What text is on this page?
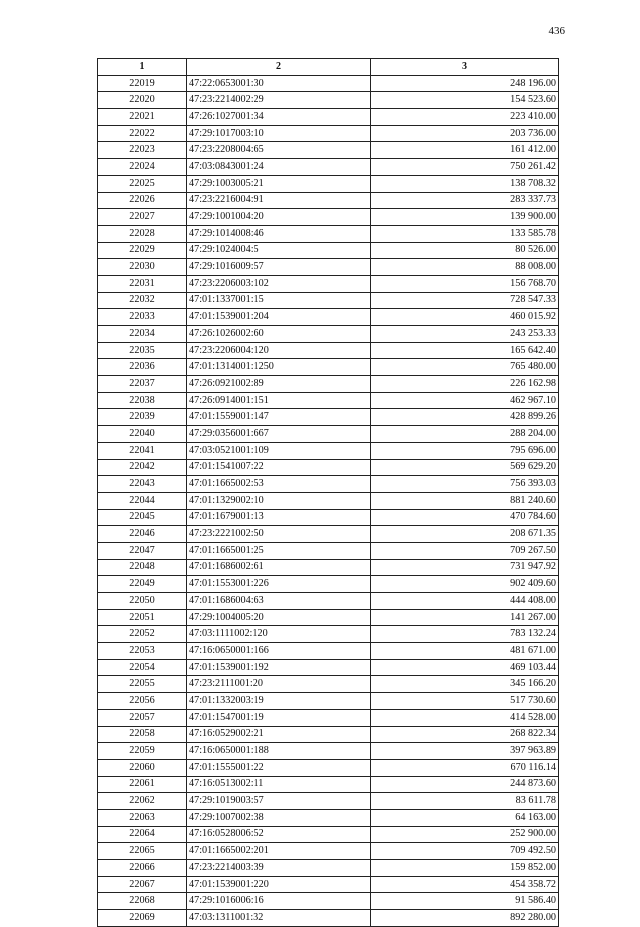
436
1	2	3
22019	47:22:0653001:30	248 196.00
22020	47:23:2214002:29	154 523.60
22021	47:26:1027001:34	223 410.00
22022	47:29:1017003:10	203 736.00
22023	47:23:2208004:65	161 412.00
22024	47:03:0843001:24	750 261.42
22025	47:29:1003005:21	138 708.32
22026	47:23:2216004:91	283 337.73
22027	47:29:1001004:20	139 900.00
22028	47:29:1014008:46	133 585.78
22029	47:29:1024004:5	80 526.00
22030	47:29:1016009:57	88 008.00
22031	47:23:2206003:102	156 768.70
22032	47:01:1337001:15	728 547.33
22033	47:01:1539001:204	460 015.92
22034	47:26:1026002:60	243 253.33
22035	47:23:2206004:120	165 642.40
22036	47:01:1314001:1250	765 480.00
22037	47:26:0921002:89	226 162.98
22038	47:26:0914001:151	462 967.10
22039	47:01:1559001:147	428 899.26
22040	47:29:0356001:667	288 204.00
22041	47:03:0521001:109	795 696.00
22042	47:01:1541007:22	569 629.20
22043	47:01:1665002:53	756 393.03
22044	47:01:1329002:10	881 240.60
22045	47:01:1679001:13	470 784.60
22046	47:23:2221002:50	208 671.35
22047	47:01:1665001:25	709 267.50
22048	47:01:1686002:61	731 947.92
22049	47:01:1553001:226	902 409.60
22050	47:01:1686004:63	444 408.00
22051	47:29:1004005:20	141 267.00
22052	47:03:1111002:120	783 132.24
22053	47:16:0650001:166	481 671.00
22054	47:01:1539001:192	469 103.44
22055	47:23:2111001:20	345 166.20
22056	47:01:1332003:19	517 730.60
22057	47:01:1547001:19	414 528.00
22058	47:16:0529002:21	268 822.34
22059	47:16:0650001:188	397 963.89
22060	47:01:1555001:22	670 116.14
22061	47:16:0513002:11	244 873.60
22062	47:29:1019003:57	83 611.78
22063	47:29:1007002:38	64 163.00
22064	47:16:0528006:52	252 900.00
22065	47:01:1665002:201	709 492.50
22066	47:23:2214003:39	159 852.00
22067	47:01:1539001:220	454 358.72
22068	47:29:1016006:16	91 586.40
22069	47:03:1311001:32	892 280.00
